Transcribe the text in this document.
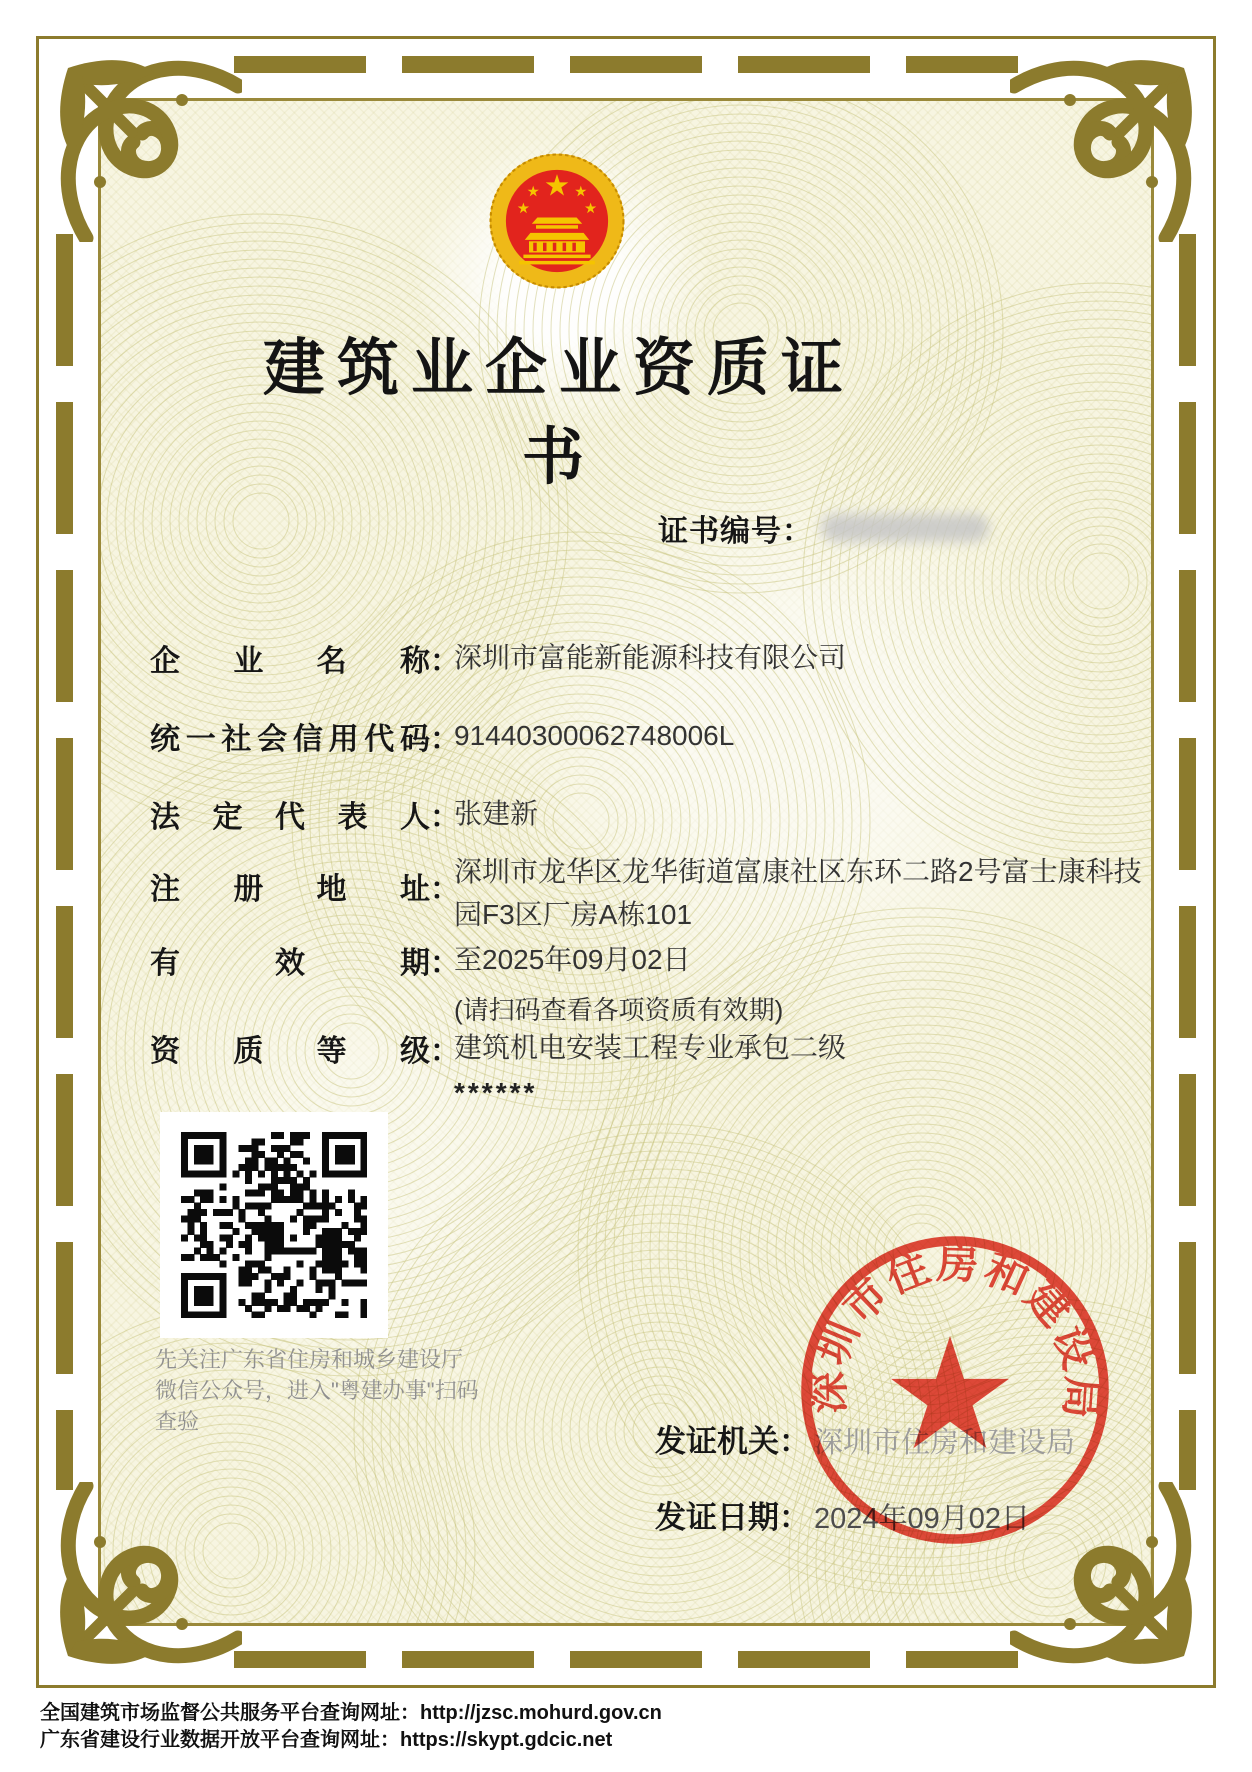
建筑业企业资质证书
证书编号：
企业名称 ：
深圳市富能新能源科技有限公司
统一社会信用代码 ：
91440300062748006L
法定代表人 ：
张建新
注册地址 ：
深圳市龙华区龙华街道富康社区东环二路2号富士康科技园F3区厂房A栋101
有效期 ：
至2025年09月02日
(请扫码查看各项资质有效期)
资质等级 ：
建筑机电安装工程专业承包二级
******
先关注广东省住房和城乡建设厅微信公众号，进入"粤建办事"扫码查验
发证机关： 深圳市住房和建设局
发证日期： 2024年09月02日
深圳市住房和建设局
全国建筑市场监督公共服务平台查询网址：http://jzsc.mohurd.gov.cn
广东省建设行业数据开放平台查询网址：https://skypt.gdcic.net
